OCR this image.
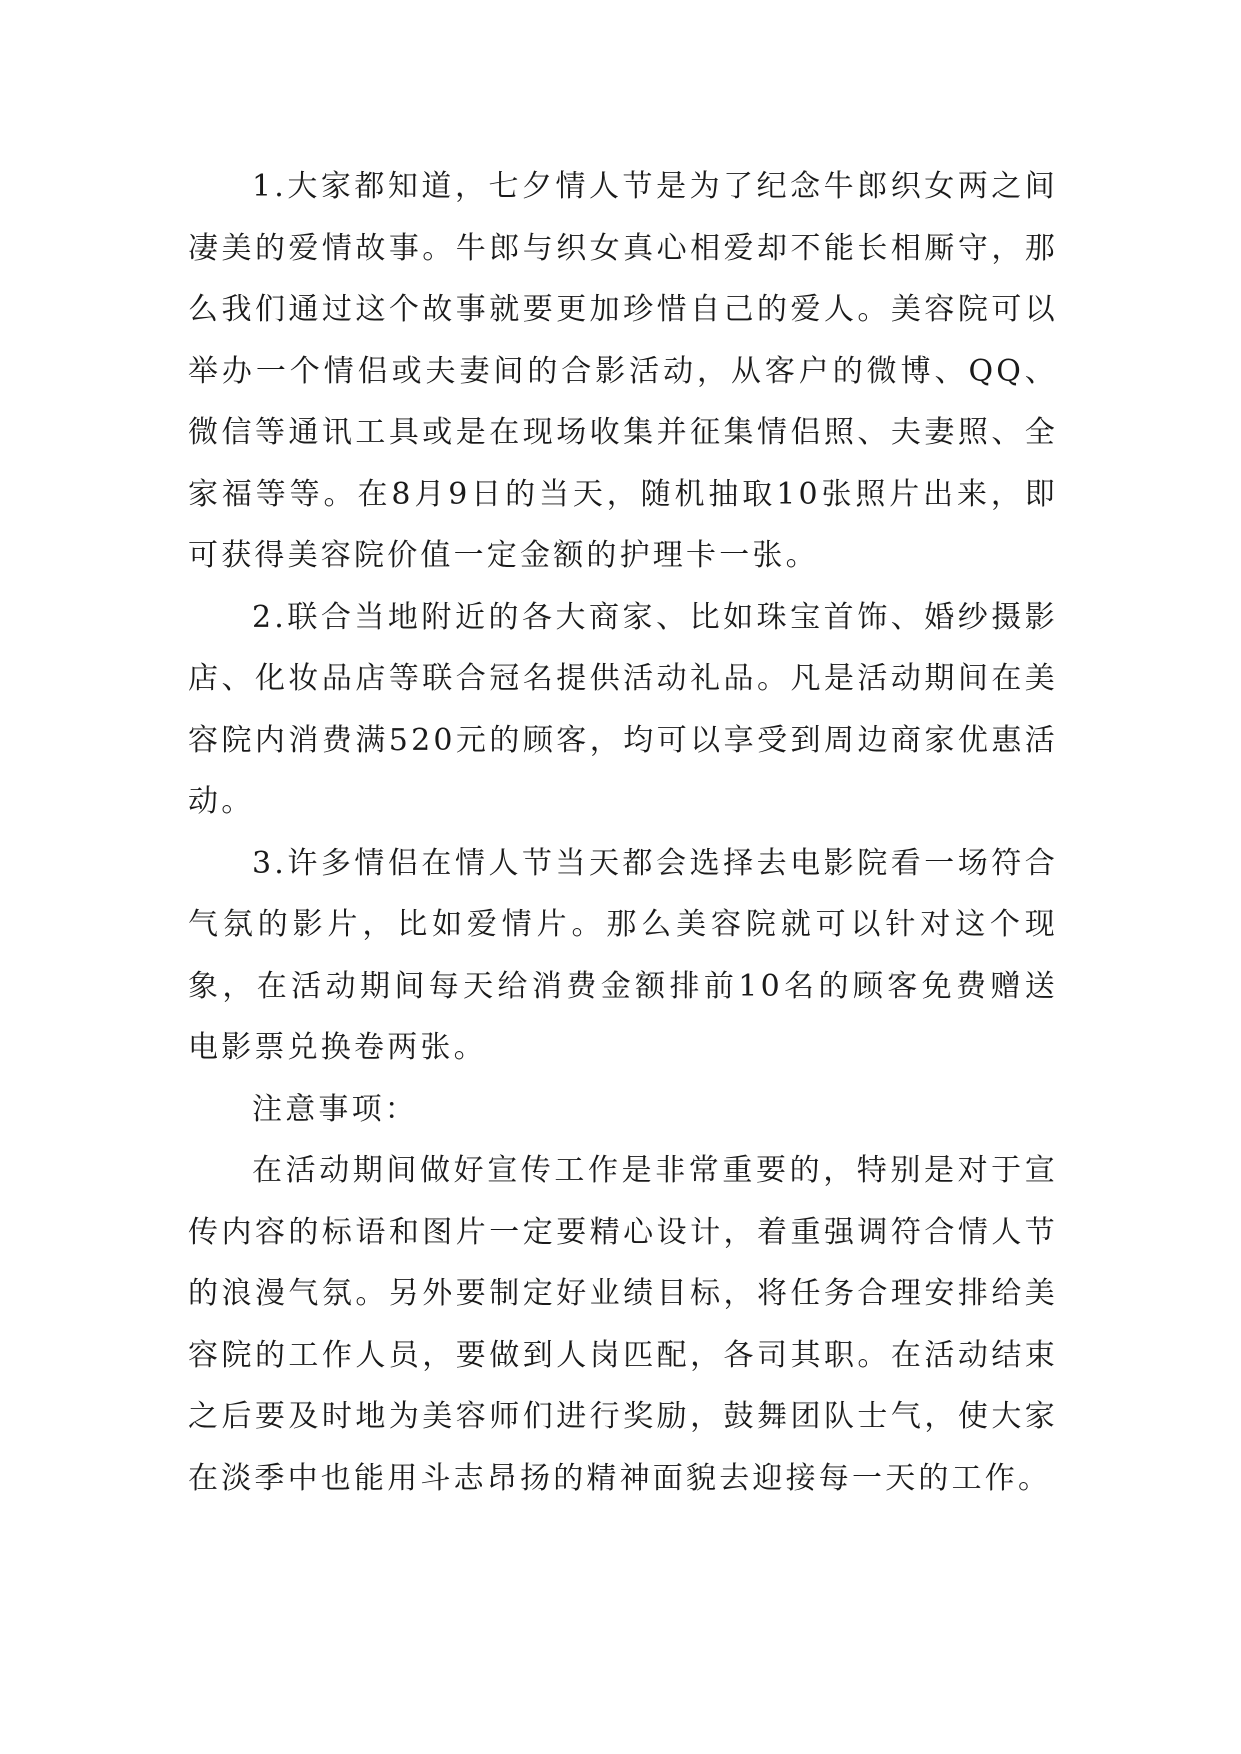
1.大家都知道，七夕情人节是为了纪念牛郎织女两之间凄美的爱情故事。牛郎与织女真心相爱却不能长相厮守，那么我们通过这个故事就要更加珍惜自己的爱人。美容院可以举办一个情侣或夫妻间的合影活动，从客户的微博、QQ、微信等通讯工具或是在现场收集并征集情侣照、夫妻照、全家福等等。在8月9日的当天，随机抽取10张照片出来，即可获得美容院价值一定金额的护理卡一张。

2.联合当地附近的各大商家、比如珠宝首饰、婚纱摄影店、化妆品店等联合冠名提供活动礼品。凡是活动期间在美容院内消费满520元的顾客，均可以享受到周边商家优惠活动。

3.许多情侣在情人节当天都会选择去电影院看一场符合气氛的影片，比如爱情片。那么美容院就可以针对这个现象，在活动期间每天给消费金额排前10名的顾客免费赠送电影票兑换卷两张。

注意事项：

在活动期间做好宣传工作是非常重要的，特别是对于宣传内容的标语和图片一定要精心设计，着重强调符合情人节的浪漫气氛。另外要制定好业绩目标，将任务合理安排给美容院的工作人员，要做到人岗匹配，各司其职。在活动结束之后要及时地为美容师们进行奖励，鼓舞团队士气，使大家在淡季中也能用斗志昂扬的精神面貌去迎接每一天的工作。
